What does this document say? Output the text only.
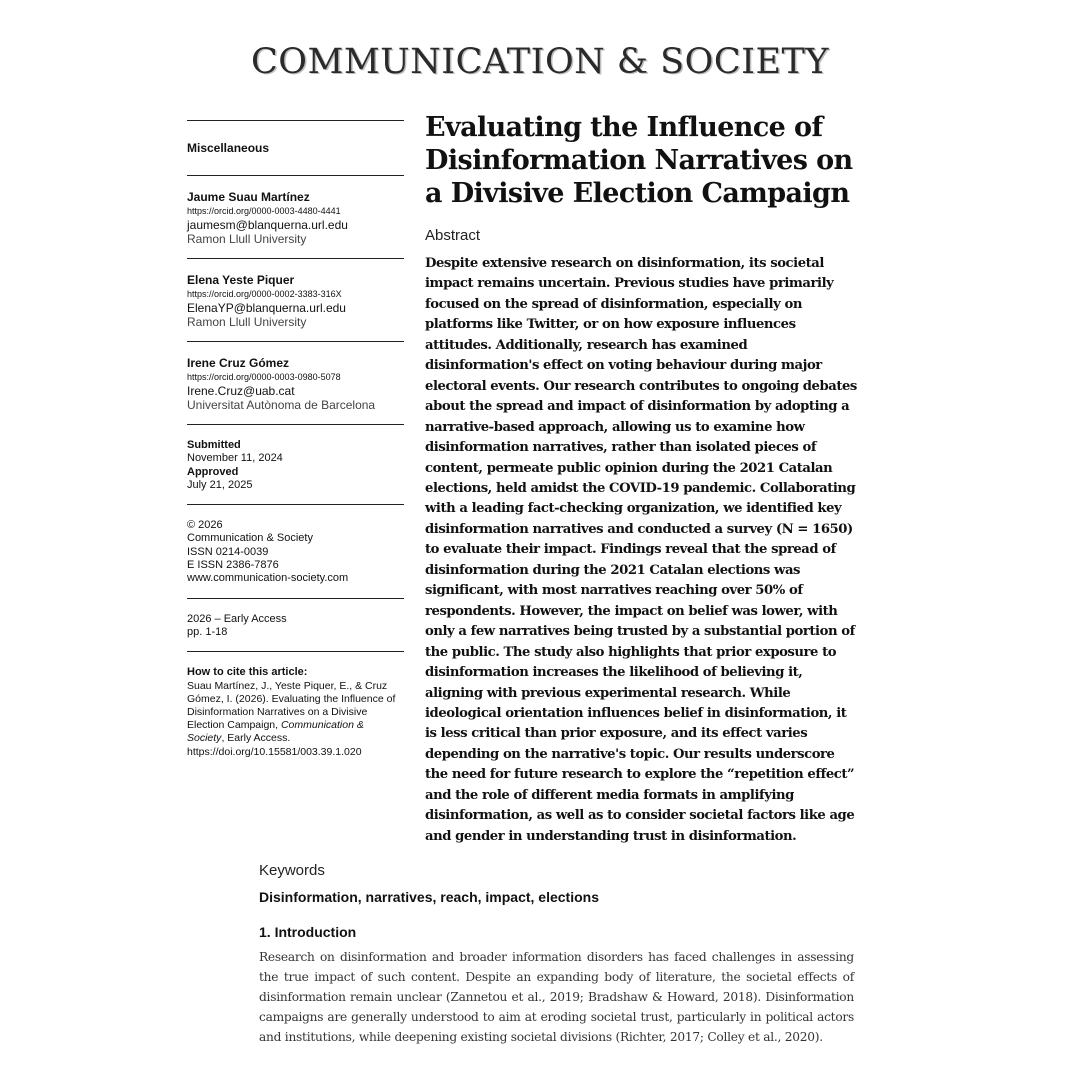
COMMUNICATION & SOCIETY
Miscellaneous
Jaume Suau Martínez
https://orcid.org/0000-0003-4480-4441
jaumesm@blanquerna.url.edu
Ramon Llull University
Elena Yeste Piquer
https://orcid.org/0000-0002-3383-316X
ElenaYP@blanquerna.url.edu
Ramon Llull University
Irene Cruz Gómez
https://orcid.org/0000-0003-0980-5078
Irene.Cruz@uab.cat
Universitat Autònoma de Barcelona
Submitted
November 11, 2024
Approved
July 21, 2025
© 2026
Communication & Society
ISSN 0214-0039
E ISSN 2386-7876
www.communication-society.com
2026 – Early Access
pp. 1-18
How to cite this article:
Suau Martínez, J., Yeste Piquer, E., & Cruz Gómez, I. (2026). Evaluating the Influence of Disinformation Narratives on a Divisive Election Campaign, Communication & Society, Early Access.
https://doi.org/10.15581/003.39.1.020
Evaluating the Influence of Disinformation Narratives on a Divisive Election Campaign
Abstract
Despite extensive research on disinformation, its societal impact remains uncertain. Previous studies have primarily focused on the spread of disinformation, especially on platforms like Twitter, or on how exposure influences attitudes. Additionally, research has examined disinformation's effect on voting behaviour during major electoral events. Our research contributes to ongoing debates about the spread and impact of disinformation by adopting a narrative-based approach, allowing us to examine how disinformation narratives, rather than isolated pieces of content, permeate public opinion during the 2021 Catalan elections, held amidst the COVID-19 pandemic. Collaborating with a leading fact-checking organization, we identified key disinformation narratives and conducted a survey (N = 1650) to evaluate their impact. Findings reveal that the spread of disinformation during the 2021 Catalan elections was significant, with most narratives reaching over 50% of respondents. However, the impact on belief was lower, with only a few narratives being trusted by a substantial portion of the public. The study also highlights that prior exposure to disinformation increases the likelihood of believing it, aligning with previous experimental research. While ideological orientation influences belief in disinformation, it is less critical than prior exposure, and its effect varies depending on the narrative's topic. Our results underscore the need for future research to explore the “repetition effect” and the role of different media formats in amplifying disinformation, as well as to consider societal factors like age and gender in understanding trust in disinformation.
Keywords
Disinformation, narratives, reach, impact, elections
1. Introduction
Research on disinformation and broader information disorders has faced challenges in assessing the true impact of such content. Despite an expanding body of literature, the societal effects of disinformation remain unclear (Zannetou et al., 2019; Bradshaw & Howard, 2018). Disinformation campaigns are generally understood to aim at eroding societal trust, particularly in political actors and institutions, while deepening existing societal divisions (Richter, 2017; Colley et al., 2020).
